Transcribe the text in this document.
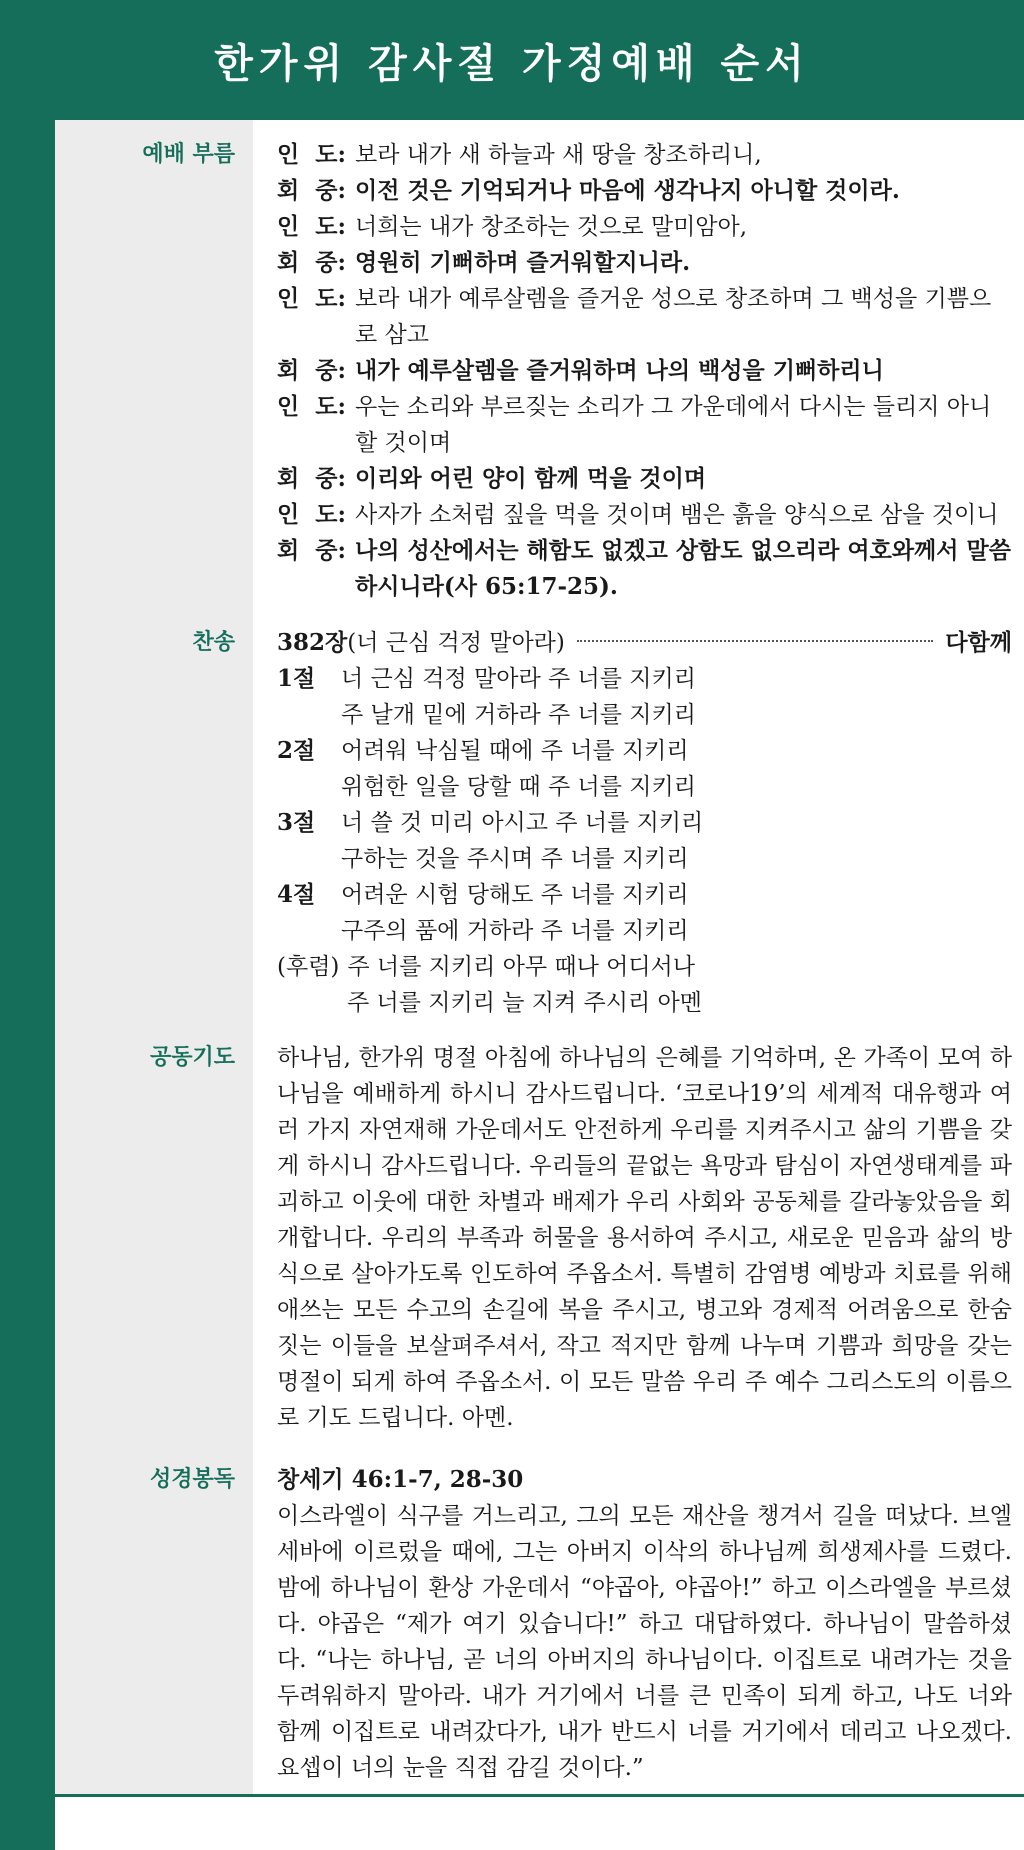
한가위 감사절 가정예배 순서
예배 부름 인  도: 보라 내가 새 하늘과 새 땅을 창조하리니,
회  중: 이전 것은 기억되거나 마음에 생각나지 아니할 것이라.
인  도: 너희는 내가 창조하는 것으로 말미암아,
회  중: 영원히 기뻐하며 즐거워할지니라.
인  도: 보라 내가 예루살렘을 즐거운 성으로 창조하며 그 백성을 기쁨으로 삼고
회  중: 내가 예루살렘을 즐거워하며 나의 백성을 기뻐하리니
인  도: 우는 소리와 부르짖는 소리가 그 가운데에서 다시는 들리지 아니할 것이며
회  중: 이리와 어린 양이 함께 먹을 것이며
인  도: 사자가 소처럼 짚을 먹을 것이며 뱀은 흙을 양식으로 삼을 것이니
회  중: 나의 성산에서는 해함도 없겠고 상함도 없으리라 여호와께서 말씀하시니라(사 65:17-25).
찬송 382장 (너 근심 걱정 말아라)	다함께
1절	너 근심 걱정 말아라 주 너를 지키리
주 날개 밑에 거하라 주 너를 지키리
2절	어려워 낙심될 때에 주 너를 지키리
위험한 일을 당할 때 주 너를 지키리
3절	너 쓸 것 미리 아시고 주 너를 지키리
구하는 것을 주시며 주 너를 지키리
4절	어려운 시험 당해도 주 너를 지키리
구주의 품에 거하라 주 너를 지키리
(후렴) 주 너를 지키리 아무 때나 어디서나
주 너를 지키리 늘 지켜 주시리 아멘
공동기도 하나님, 한가위 명절 아침에 하나님의 은혜를 기억하며, 온 가족이 모여 하나님을 예배하게 하시니 감사드립니다. ‘코로나19’의 세계적 대유행과 여러 가지 자연재해 가운데서도 안전하게 우리를 지켜주시고 삶의 기쁨을 갖게 하시니 감사드립니다. 우리들의 끝없는 욕망과 탐심이 자연생태계를 파괴하고 이웃에 대한 차별과 배제가 우리 사회와 공동체를 갈라놓았음을 회개합니다. 우리의 부족과 허물을 용서하여 주시고, 새로운 믿음과 삶의 방식으로 살아가도록 인도하여 주옵소서. 특별히 감염병 예방과 치료를 위해 애쓰는 모든 수고의 손길에 복을 주시고, 병고와 경제적 어려움으로 한숨 짓는 이들을 보살펴주셔서, 작고 적지만 함께 나누며 기쁨과 희망을 갖는 명절이 되게 하여 주옵소서. 이 모든 말씀 우리 주 예수 그리스도의 이름으로 기도 드립니다. 아멘.

성경봉독 창세기 46:1-7, 28-30

이스라엘이 식구를 거느리고, 그의 모든 재산을 챙겨서 길을 떠났다. 브엘세바에 이르렀을 때에, 그는 아버지 이삭의 하나님께 희생제사를 드렸다. 밤에 하나님이 환상 가운데서 “야곱아, 야곱아!” 하고 이스라엘을 부르셨다. 야곱은 “제가 여기 있습니다!” 하고 대답하였다. 하나님이 말씀하셨다. “나는 하나님, 곧 너의 아버지의 하나님이다. 이집트로 내려가는 것을 두려워하지 말아라. 내가 거기에서 너를 큰 민족이 되게 하고, 나도 너와 함께 이집트로 내려갔다가, 내가 반드시 너를 거기에서 데리고 나오겠다. 요셉이 너의 눈을 직접 감길 것이다.”
